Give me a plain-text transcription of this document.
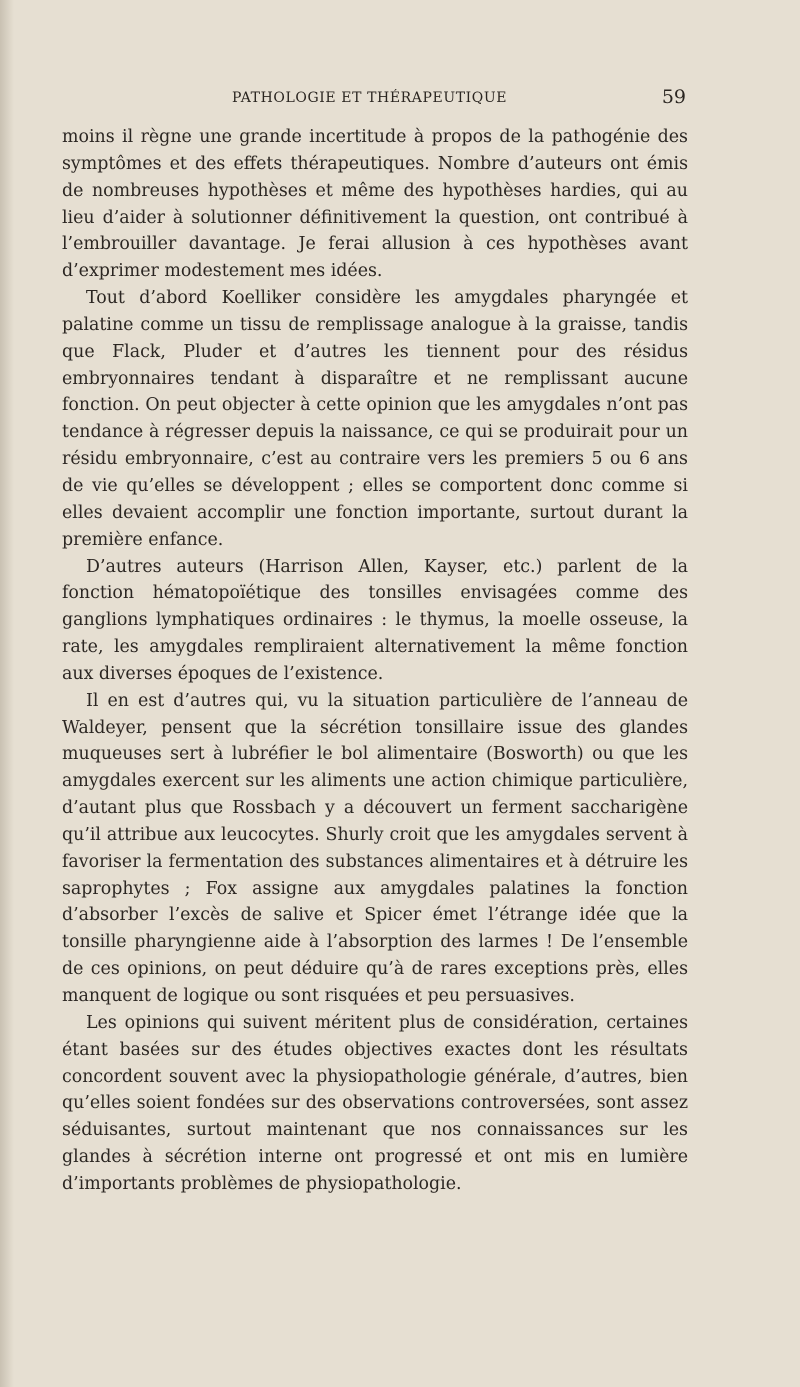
PATHOLOGIE ET THÉRAPEUTIQUE	59

moins il règne une grande incertitude à propos de la pathogénie des symptômes et des effets thérapeutiques. Nombre d’auteurs ont émis de nombreuses hypothèses et même des hypothèses hardies, qui au lieu d’aider à solutionner définitivement la question, ont contribué à l’embrouiller davantage. Je ferai allusion à ces hypothèses avant d’exprimer modestement mes idées.

Tout d’abord Koelliker considère les amygdales pharyngée et palatine comme un tissu de remplissage analogue à la graisse, tandis que Flack, Pluder et d’autres les tiennent pour des résidus embryonnaires tendant à disparaître et ne remplissant aucune fonction. On peut objecter à cette opinion que les amygdales n’ont pas tendance à régresser depuis la naissance, ce qui se produirait pour un résidu embryonnaire, c’est au contraire vers les premiers 5 ou 6 ans de vie qu’elles se développent ; elles se comportent donc comme si elles devaient accomplir une fonction importante, surtout durant la première enfance.

D’autres auteurs (Harrison Allen, Kayser, etc.) parlent de la fonction hématopoïétique des tonsilles envisagées comme des ganglions lymphatiques ordinaires : le thymus, la moelle osseuse, la rate, les amygdales rempliraient alternativement la même fonction aux diverses époques de l’existence.

Il en est d’autres qui, vu la situation particulière de l’anneau de Waldeyer, pensent que la sécrétion tonsillaire issue des glandes muqueuses sert à lubréfier le bol alimentaire (Bosworth) ou que les amygdales exercent sur les aliments une action chimique particulière, d’autant plus que Rossbach y a découvert un ferment saccharigène qu’il attribue aux leucocytes. Shurly croit que les amygdales servent à favoriser la fermentation des substances alimentaires et à détruire les saprophytes ; Fox assigne aux amygdales palatines la fonction d’absorber l’excès de salive et Spicer émet l’étrange idée que la tonsille pharyngienne aide à l’absorption des larmes ! De l’ensemble de ces opinions, on peut déduire qu’à de rares exceptions près, elles manquent de logique ou sont risquées et peu persuasives.

Les opinions qui suivent méritent plus de considération, certaines étant basées sur des études objectives exactes dont les résultats concordent souvent avec la physiopathologie générale, d’autres, bien qu’elles soient fondées sur des observations controversées, sont assez séduisantes, surtout maintenant que nos connaissances sur les glandes à sécrétion interne ont progressé et ont mis en lumière d’importants problèmes de physiopathologie.
